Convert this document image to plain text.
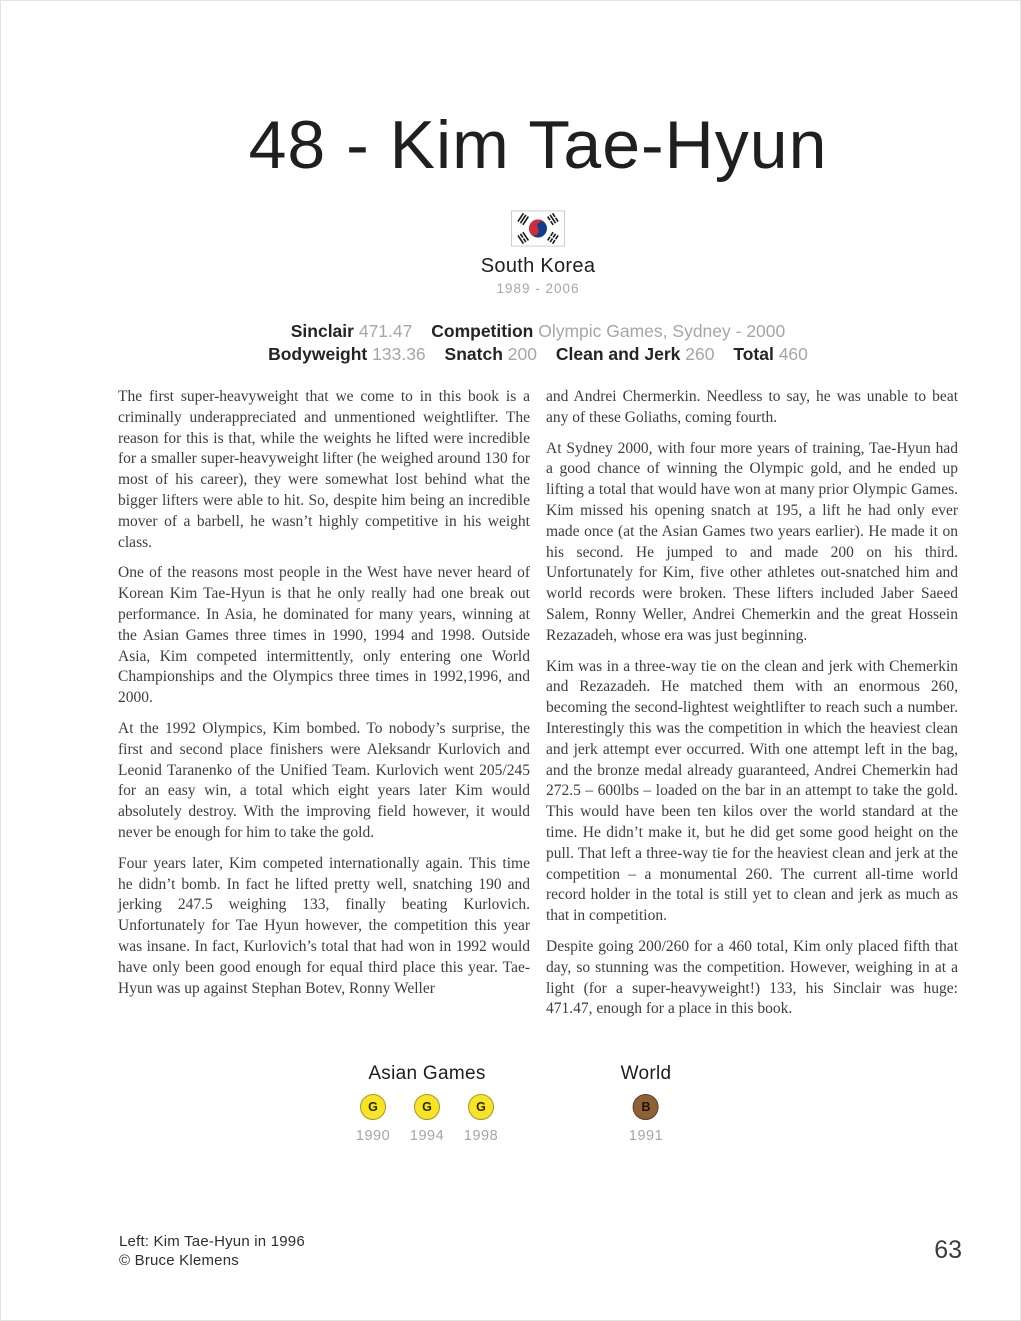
48 - Kim Tae-Hyun
South Korea
1989 - 2006
Sinclair 471.47 Competition Olympic Games, Sydney - 2000
Bodyweight 133.36 Snatch 200 Clean and Jerk 260 Total 460

The first super-heavyweight that we come to in this book is a criminally underappreciated and unmentioned weightlifter. The reason for this is that, while the weights he lifted were incredible for a smaller super-heavyweight lifter (he weighed around 130 for most of his career), they were somewhat lost behind what the bigger lifters were able to hit. So, despite him being an incredible mover of a barbell, he wasn’t highly competitive in his weight class.

One of the reasons most people in the West have never heard of Korean Kim Tae-Hyun is that he only really had one break out performance. In Asia, he dominated for many years, winning at the Asian Games three times in 1990, 1994 and 1998. Outside Asia, Kim competed intermittently, only entering one World Championships and the Olympics three times in 1992,1996, and 2000.

At the 1992 Olympics, Kim bombed. To nobody’s surprise, the first and second place finishers were Aleksandr Kurlovich and Leonid Taranenko of the Unified Team. Kurlovich went 205/245 for an easy win, a total which eight years later Kim would absolutely destroy. With the improving field however, it would never be enough for him to take the gold.

Four years later, Kim competed internationally again. This time he didn’t bomb. In fact he lifted pretty well, snatching 190 and jerking 247.5 weighing 133, finally beating Kurlovich. Unfortunately for Tae Hyun however, the competition this year was insane. In fact, Kurlovich’s total that had won in 1992 would have only been good enough for equal third place this year. Tae-Hyun was up against Stephan Botev, Ronny Weller

and Andrei Chermerkin. Needless to say, he was unable to beat any of these Goliaths, coming fourth.

At Sydney 2000, with four more years of training, Tae-Hyun had a good chance of winning the Olympic gold, and he ended up lifting a total that would have won at many prior Olympic Games. Kim missed his opening snatch at 195, a lift he had only ever made once (at the Asian Games two years earlier). He made it on his second. He jumped to and made 200 on his third. Unfortunately for Kim, five other athletes out-snatched him and world records were broken. These lifters included Jaber Saeed Salem, Ronny Weller, Andrei Chemerkin and the great Hossein Rezazadeh, whose era was just beginning.

Kim was in a three-way tie on the clean and jerk with Chemerkin and Rezazadeh. He matched them with an enormous 260, becoming the second-lightest weightlifter to reach such a number. Interestingly this was the competition in which the heaviest clean and jerk attempt ever occurred. With one attempt left in the bag, and the bronze medal already guaranteed, Andrei Chemerkin had 272.5 – 600lbs – loaded on the bar in an attempt to take the gold. This would have been ten kilos over the world standard at the time. He didn’t make it, but he did get some good height on the pull. That left a three-way tie for the heaviest clean and jerk at the competition – a monumental 260. The current all-time world record holder in the total is still yet to clean and jerk as much as that in competition.

Despite going 200/260 for a 460 total, Kim only placed fifth that day, so stunning was the competition. However, weighing in at a light (for a super-heavyweight!) 133, his Sinclair was huge: 471.47, enough for a place in this book.

Asian Games
G
1990
G
1994
G
1998
World
B
1991
Left: Kim Tae-Hyun in 1996
© Bruce Klemens	63
